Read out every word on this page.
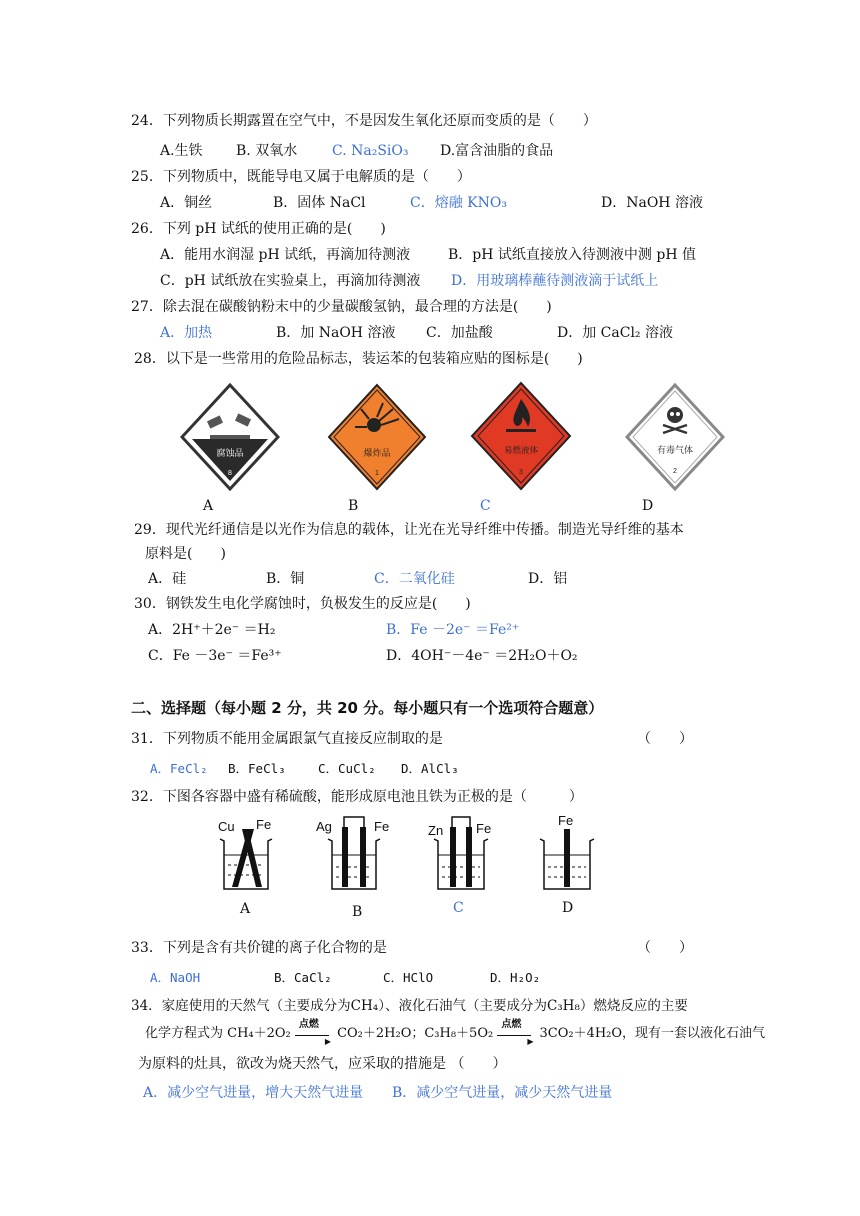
24．下列物质长期露置在空气中，不是因发生氧化还原而变质的是（　　）
A.生铁 B. 双氧水 C. Na₂SiO₃ D.富含油脂的食品
25．下列物质中，既能导电又属于电解质的是（　　）
A．铜丝	B．固体 NaCl	C．熔融 KNO₃	D．NaOH 溶液
26．下列 pH 试纸的使用正确的是(　　)
A．能用水润湿 pH 试纸，再滴加待测液	B．pH 试纸直接放入待测液中测 pH 值
C．pH 试纸放在实验桌上，再滴加待测液 D．用玻璃棒蘸待测液滴于试纸上
27．除去混在碳酸钠粉末中的少量碳酸氢钠，最合理的方法是(　　)
A．加热	B．加 NaOH 溶液 C．加盐酸	D．加 CaCl₂ 溶液
28．以下是一些常用的危险品标志，装运苯的包装箱应贴的图标是(　　)
腐蚀品
8
爆炸品
1
易燃液体
3
有毒气体
2
A	B	C	D
29．现代光纤通信是以光作为信息的载体，让光在光导纤维中传播。制造光导纤维的基本
原料是(　　)
A．硅	B．铜	C．二氧化硅	D．铝
30．钢铁发生电化学腐蚀时，负极发生的反应是(　　)
A．2H⁺＋2e⁻ ＝H₂	B．Fe －2e⁻ ＝Fe²⁺
C．Fe －3e⁻ ＝Fe³⁺	D．4OH⁻－4e⁻ ＝2H₂O＋O₂
二、选择题（每小题 2 分，共 20 分。每小题只有一个选项符合题意）
31．下列物质不能用金属跟氯气直接反应制取的是	（　　）
A．FeCl₂ B．FeCl₃	C．CuCl₂ D．AlCl₃
32．下图各容器中盛有稀硫酸，能形成原电池且铁为正极的是（　　　）
Cu Fe	Ag	Fe	Zn	Fe
Fe
A	B	C	D
33．下列是含有共价键的离子化合物的是	（　　）
A．NaOH	B．CaCl₂	C．HClO	D．H₂O₂
34．家庭使用的天然气（主要成分为CH₄）、液化石油气（主要成分为C₃H₈）燃烧反应的主要
化学方程式为 CH₄＋2O₂
点燃
▶
CO₂＋2H₂O；C₃H₈＋5O₂
点燃
▶
3CO₂＋4H₂O，现有一套以液化石油气
为原料的灶具，欲改为烧天然气，应采取的措施是 （　　）
A．减少空气进量，增大天然气进量 B．减少空气进量，减少天然气进量
